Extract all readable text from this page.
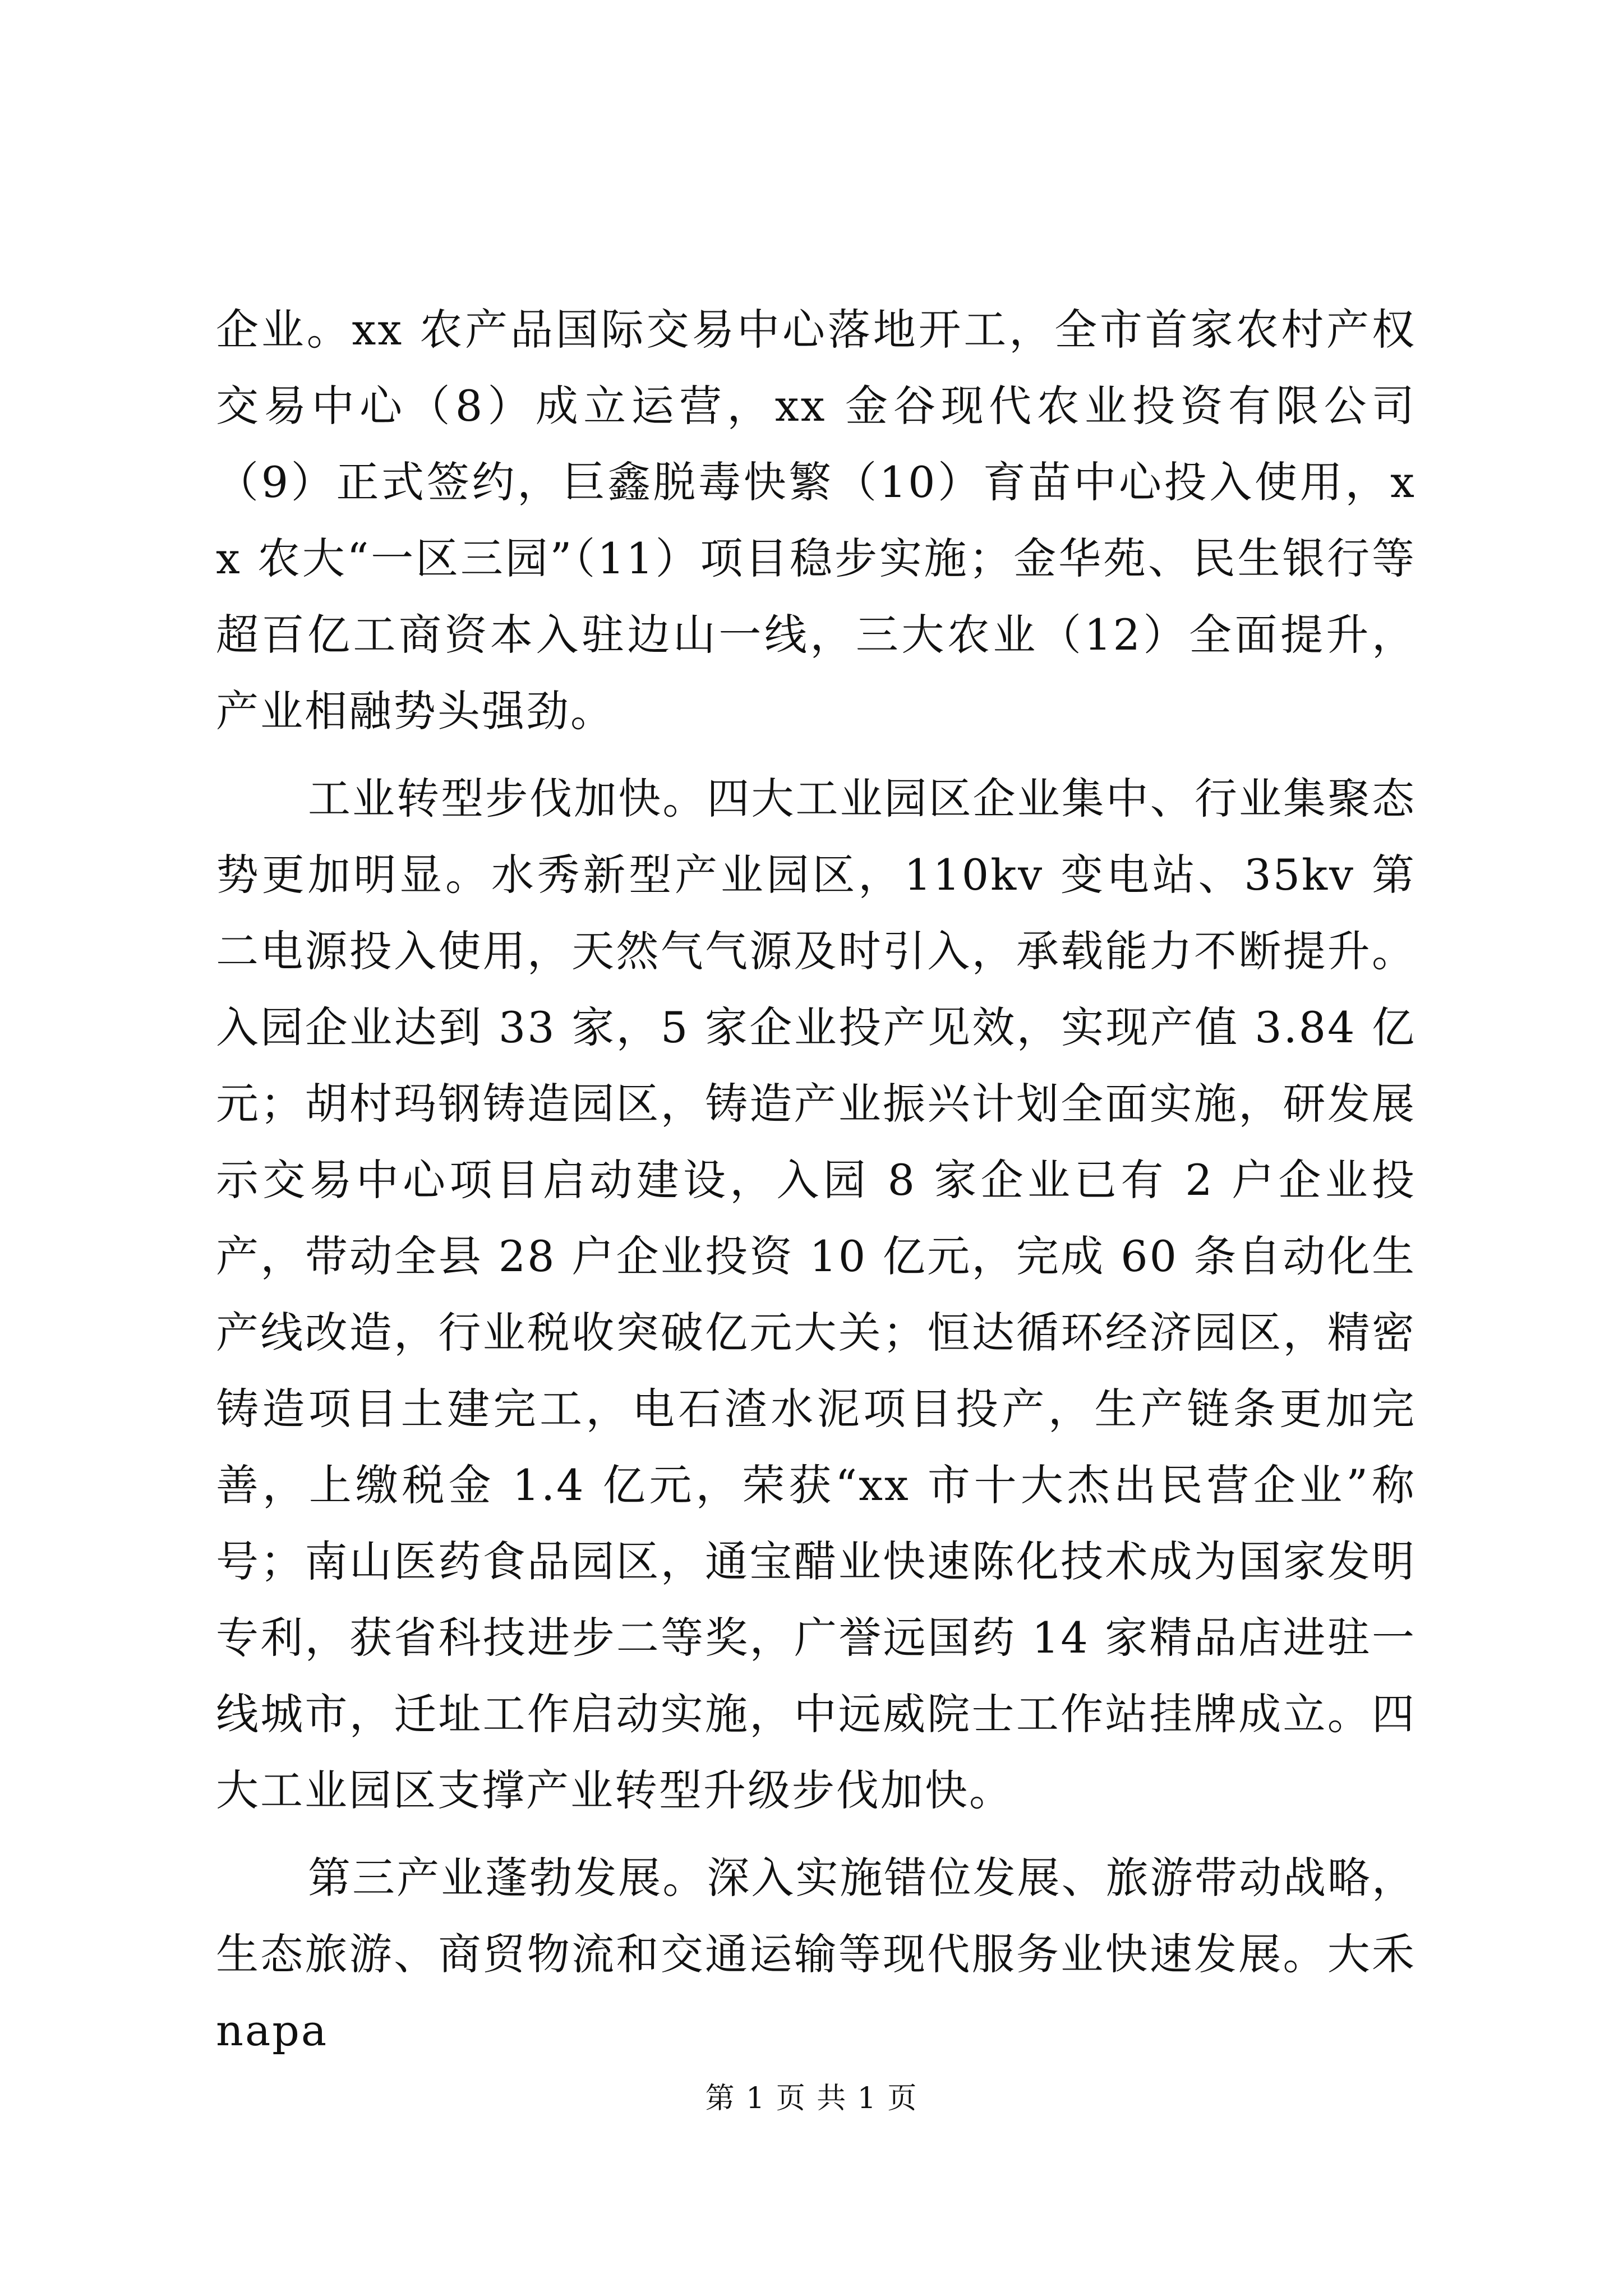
企业。xx 农产品国际交易中心落地开工，全市首家农村产权交易中心（8）成立运营，xx 金谷现代农业投资有限公司（9）正式签约，巨鑫脱毒快繁（10）育苗中心投入使用，xx 农大“一区三园”（11）项目稳步实施；金华苑、民生银行等超百亿工商资本入驻边山一线，三大农业（12）全面提升，产业相融势头强劲。

工业转型步伐加快。四大工业园区企业集中、行业集聚态势更加明显。水秀新型产业园区，110kv 变电站、35kv 第二电源投入使用，天然气气源及时引入，承载能力不断提升。入园企业达到 33 家，5 家企业投产见效，实现产值 3.84 亿元；胡村玛钢铸造园区，铸造产业振兴计划全面实施，研发展示交易中心项目启动建设，入园 8 家企业已有 2 户企业投产，带动全县 28 户企业投资 10 亿元，完成 60 条自动化生产线改造，行业税收突破亿元大关；恒达循环经济园区，精密铸造项目土建完工，电石渣水泥项目投产，生产链条更加完善，上缴税金 1.4 亿元，荣获“xx 市十大杰出民营企业”称号；南山医药食品园区，通宝醋业快速陈化技术成为国家发明专利，获省科技进步二等奖，广誉远国药 14 家精品店进驻一线城市，迁址工作启动实施，中远威院士工作站挂牌成立。四大工业园区支撑产业转型升级步伐加快。

第三产业蓬勃发展。深入实施错位发展、旅游带动战略，生态旅游、商贸物流和交通运输等现代服务业快速发展。大禾 napa

第 1 页 共 1 页
